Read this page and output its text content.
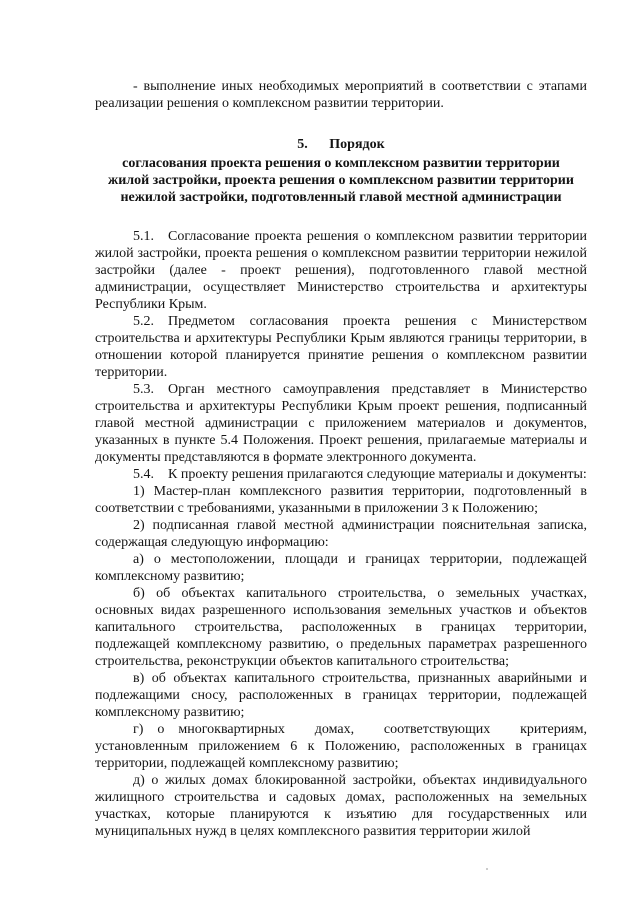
- выполнение иных необходимых мероприятий в соответствии с этапами реализации решения о комплексном развитии территории.

5. Порядок
согласования проекта решения о комплексном развитии территории жилой застройки, проекта решения о комплексном развитии территории нежилой застройки, подготовленный главой местной администрации

5.1. Согласование проекта решения о комплексном развитии территории жилой застройки, проекта решения о комплексном развитии территории нежилой застройки (далее - проект решения), подготовленного главой местной администрации, осуществляет Министерство строительства и архитектуры Республики Крым.

5.2. Предметом согласования проекта решения с Министерством строительства и архитектуры Республики Крым являются границы территории, в отношении которой планируется принятие решения о комплексном развитии территории.

5.3. Орган местного самоуправления представляет в Министерство строительства и архитектуры Республики Крым проект решения, подписанный главой местной администрации с приложением материалов и документов, указанных в пункте 5.4 Положения. Проект решения, прилагаемые материалы и документы представляются в формате электронного документа.

5.4. К проекту решения прилагаются следующие материалы и документы:

1) Мастер-план комплексного развития территории, подготовленный в соответствии с требованиями, указанными в приложении 3 к Положению;

2) подписанная главой местной администрации пояснительная записка, содержащая следующую информацию:

а) о местоположении, площади и границах территории, подлежащей комплексному развитию;

б) об объектах капитального строительства, о земельных участках, основных видах разрешенного использования земельных участков и объектов капитального строительства, расположенных в границах территории, подлежащей комплексному развитию, о предельных параметрах разрешенного строительства, реконструкции объектов капитального строительства;

в) об объектах капитального строительства, признанных аварийными и подлежащими сносу, расположенных в границах территории, подлежащей комплексному развитию;

г) о многоквартирных домах, соответствующих критериям, установленным приложением 6 к Положению, расположенных в границах территории, подлежащей комплексному развитию;

д) о жилых домах блокированной застройки, объектах индивидуального жилищного строительства и садовых домах, расположенных на земельных участках, которые планируются к изъятию для государственных или муниципальных нужд в целях комплексного развития территории жилой
